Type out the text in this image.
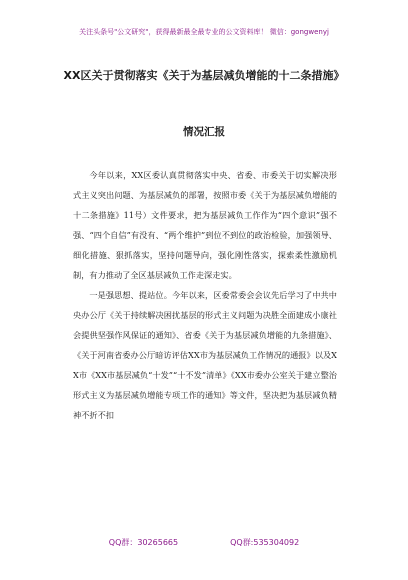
关注头条号"公文研究"，获得最新最全最专业的公文资料库！ 微信：gongwenyj
XX区关于贯彻落实《关于为基层减负增能的十二条措施》
情况汇报

今年以来，XX区委认真贯彻落实中央、省委、市委关于切实解决形式主义突出问题、为基层减负的部署，按照市委《关于为基层减负增能的十二条措施》11号）文件要求，把为基层减负工作作为“四个意识”强不强、“四个自信”有没有、“两个维护”到位不到位的政治检验，加强领导、细化措施、狠抓落实，坚持问题导向，强化刚性落实，探索柔性激励机制，有力推动了全区基层减负工作走深走实。

一是强思想、提站位。今年以来，区委常委会会议先后学习了中共中央办公厅《关于持续解决困扰基层的形式主义问题为决胜全面建成小康社会提供坚强作风保证的通知》、省委《关于为基层减负增能的九条措施》、《关于河南省委办公厅暗访评估XX市为基层减负工作情况的通报》以及XX市《XX市基层减负“十发”“十不发”清单》《XX市委办公室关于建立整治形式主义为基层减负增能专项工作的通知》等文件，坚决把为基层减负精神不折不扣

QQ群：30265665	QQ群:535304092
